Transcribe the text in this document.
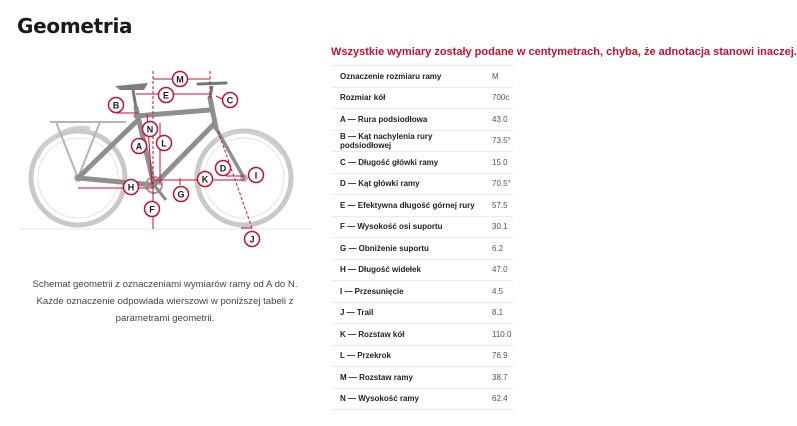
Geometria
M
E	C
B
N
A L
D
I
H
K
G
F
J

Schemat geometrii z oznaczeniami wymiarów ramy od A do N. Każde oznaczenie odpowiada wierszowi w poniższej tabeli z parametrami geometrii.

Wszystkie wymiary zostały podane w centymetrach, chyba, że adnotacja stanowi inaczej.
Oznaczenie rozmiaru ramy	M
Rozmiar kół	700c
A — Rura podsiodłowa	43.0
B — Kąt nachylenia rury podsiodłowej	73.5°
C — Długość główki ramy	15.0
D — Kąt główki ramy	70.5°
E — Efektywna długość górnej rury	57.5
F — Wysokość osi suportu	30.1
G — Obniżenie suportu	6.2
H — Długość widełek	47.0
I — Przesunięcie	4.5
J — Trail	8.1
K — Rozstaw kół	110.0
L — Przekrok	76.9
M — Rozstaw ramy	38.7
N — Wysokość ramy	62.4
